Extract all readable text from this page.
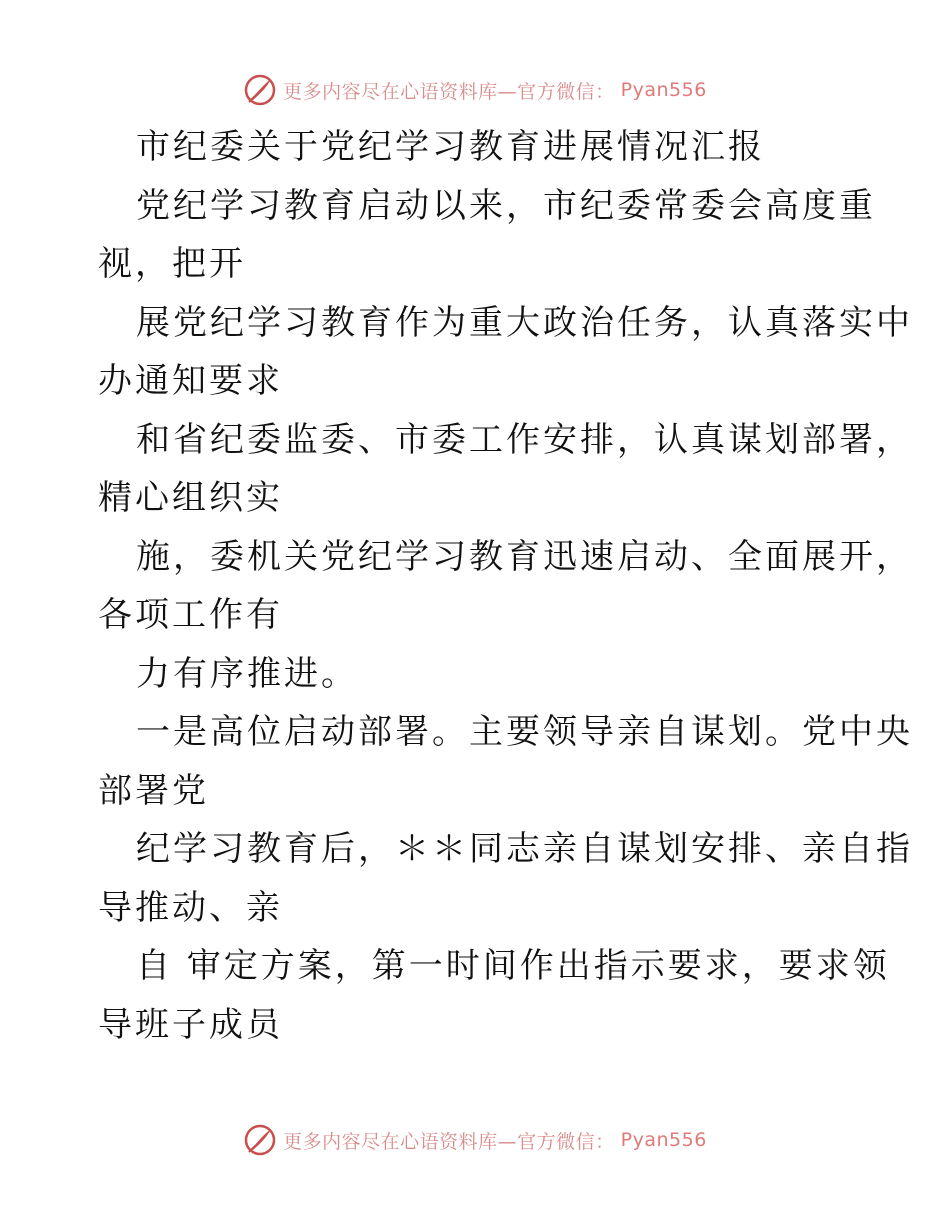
更多内容尽在心语资料库—官方微信： Pyan556
市纪委关于党纪学习教育进展情况汇报
党纪学习教育启动以来，市纪委常委会高度重
视，把开
展党纪学习教育作为重大政治任务，认真落实中
办通知要求
和省纪委监委、市委工作安排，认真谋划部署，
精心组织实
施，委机关党纪学习教育迅速启动、全面展开，
各项工作有
力有序推进。
一是高位启动部署。主要领导亲自谋划。党中央
部署党
纪学习教育后，＊＊同志亲自谋划安排、亲自指
导推动、亲
自 审定方案，第一时间作出指示要求，要求领
导班子成员
更多内容尽在心语资料库—官方微信： Pyan556
